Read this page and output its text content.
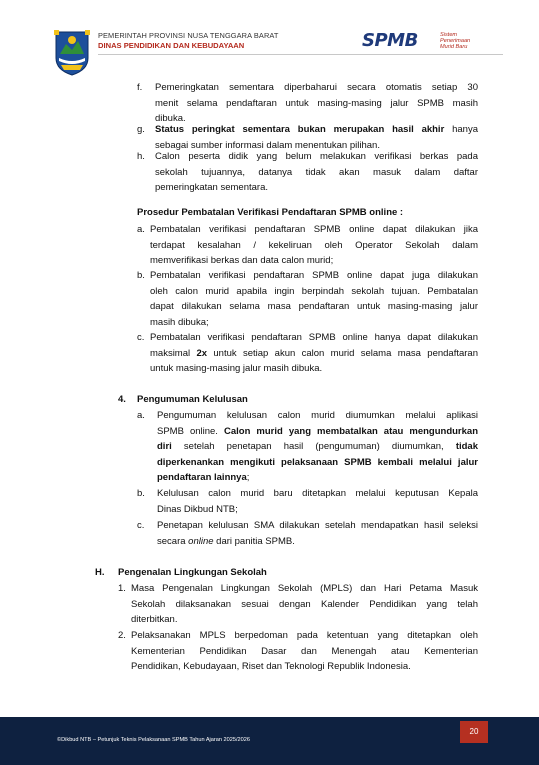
PEMERINTAH PROVINSI NUSA TENGGARA BARAT
DINAS PENDIDIKAN DAN KEBUDAYAAN	SPMB	Sistem
Penerimaan
Murid Baru
f. Pemeringkatan sementara diperbaharui secara otomatis setiap 30
menit selama pendaftaran untuk masing-masing jalur SPMB masih
dibuka.
g. Status peringkat sementara bukan merupakan hasil akhir hanya
sebagai sumber informasi dalam menentukan pilihan.
h. Calon peserta didik yang belum melakukan verifikasi berkas pada
sekolah tujuannya, datanya tidak akan masuk dalam daftar
pemeringkatan sementara.
Prosedur Pembatalan Verifikasi Pendaftaran SPMB online :
a. Pembatalan verifikasi pendaftaran SPMB online dapat dilakukan jika
terdapat kesalahan / kekeliruan oleh Operator Sekolah dalam
memverifikasi berkas dan data calon murid;
b. Pembatalan verifikasi pendaftaran SPMB online dapat juga dilakukan
oleh calon murid apabila ingin berpindah sekolah tujuan. Pembatalan
dapat dilakukan selama masa pendaftaran untuk masing-masing jalur
masih dibuka;
c. Pembatalan verifikasi pendaftaran SPMB online hanya dapat dilakukan
maksimal 2x untuk setiap akun calon murid selama masa pendaftaran
untuk masing-masing jalur masih dibuka.
4. Pengumuman Kelulusan
a. Pengumuman kelulusan calon murid diumumkan melalui aplikasi
SPMB online. Calon murid yang membatalkan atau mengundurkan
diri setelah penetapan hasil (pengumuman) diumumkan, tidak
diperkenankan mengikuti pelaksanaan SPMB kembali melalui jalur
pendaftaran lainnya;
b. Kelulusan calon murid baru ditetapkan melalui keputusan Kepala
Dinas Dikbud NTB;
c. Penetapan kelulusan SMA dilakukan setelah mendapatkan hasil seleksi
secara online dari panitia SPMB.
H. Pengenalan Lingkungan Sekolah
1. Masa Pengenalan Lingkungan Sekolah (MPLS) dan Hari Petama Masuk
Sekolah dilaksanakan sesuai dengan Kalender Pendidikan yang telah
diterbitkan.
2. Pelaksanakan MPLS berpedoman pada ketentuan yang ditetapkan oleh
Kementerian Pendidikan Dasar dan Menengah atau Kementerian
Pendidikan, Kebudayaan, Riset dan Teknologi Republik Indonesia.
©Dikbud NTB – Petunjuk Teknis Pelaksanaan SPMB Tahun Ajaran 2025/2026
20
